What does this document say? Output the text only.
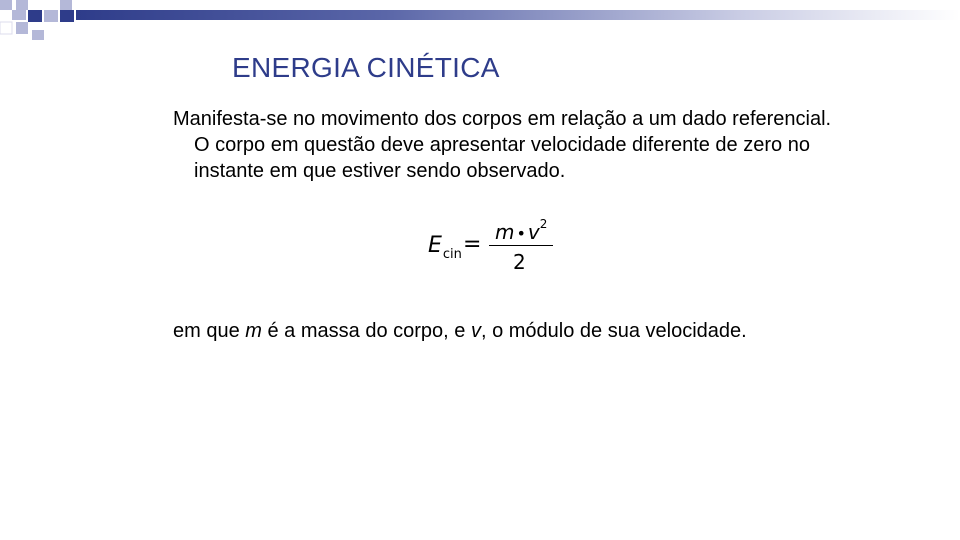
ENERGIA CINÉTICA
Manifesta-se no movimento dos corpos em relação a um dado referencial. O corpo em questão deve apresentar velocidade diferente de zero no instante em que estiver sendo observado.
$E_{cin} = m$ • $v^2$
2
em que m é a massa do corpo, e v, o módulo de sua velocidade.
